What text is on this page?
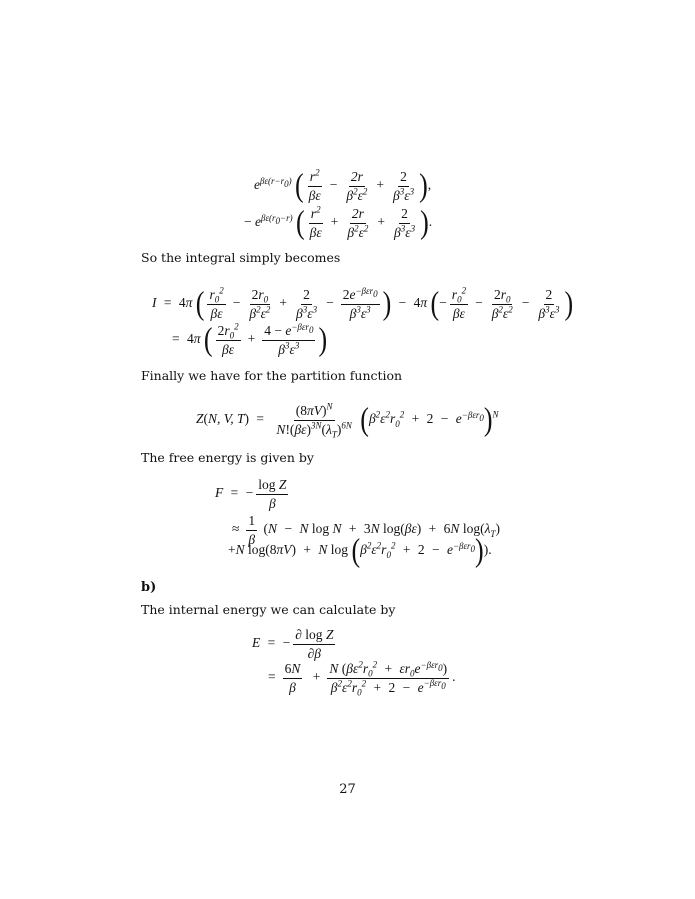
$e^{\beta\varepsilon(r-r_0)}$ ( $\frac{r^2}{\beta\varepsilon} - \frac{2r}{\beta^2\varepsilon^2} + \frac{2}{\beta^3\varepsilon^3}$ ),
− $e^{\beta\varepsilon(r_0-r)}$ ( $\frac{r^2}{\beta\varepsilon} + \frac{2r}{\beta^2\varepsilon^2} + \frac{2}{\beta^3\varepsilon^3}$ ).
So the integral simply becomes
I = 4π ( $\frac{r_0^2}{\beta\varepsilon} - \frac{2r_0}{\beta^2\varepsilon^2} + \frac{2}{\beta^3\varepsilon^3} - \frac{2e^{-\beta\varepsilon r_0}}{\beta^3\varepsilon^3}$ ) − 4π (− $\frac{r_0^2}{\beta\varepsilon} - \frac{2r_0}{\beta^2\varepsilon^2} - \frac{2}{\beta^3\varepsilon^3}$ )
= 4π ( $\frac{2r_0^2}{\beta\varepsilon} + \frac{4 - e^{-\beta\varepsilon r_0}}{\beta^3\varepsilon^3}$ )
Finally we have for the partition function
Z(N, V, $T) = \frac{(8\pi V)^N}{N!(\beta\varepsilon)^{3N}(\lambda_T)^{6N}} (\beta^2\varepsilon^2r_0^2 + 2 - e^{-\beta\varepsilon r_0})^N$
The free energy is given by
F = − $\frac{\text{log Z}}{\beta}$
≈ $\frac{1}{\beta} (N - N$ log N + 3N log(βε) + 6N $\log(\lambda_T)$
+N log(8πV) + N $\log (\beta^2\varepsilon^2r_0^2 + 2 - e^{-\beta\varepsilon r_0})$).
b)
The internal energy we can calculate by
E = − $\frac{\text{∂ log Z}}{\partial\beta}$
= $\frac{6N}{\beta} + \frac{N (\beta\varepsilon^2r_0^2 + \varepsilon r_0e^{-\beta\varepsilon r_0})}{\beta^2\varepsilon^2r_0^2 + 2 - e^{-\beta\varepsilon r_0}}$ .
27
